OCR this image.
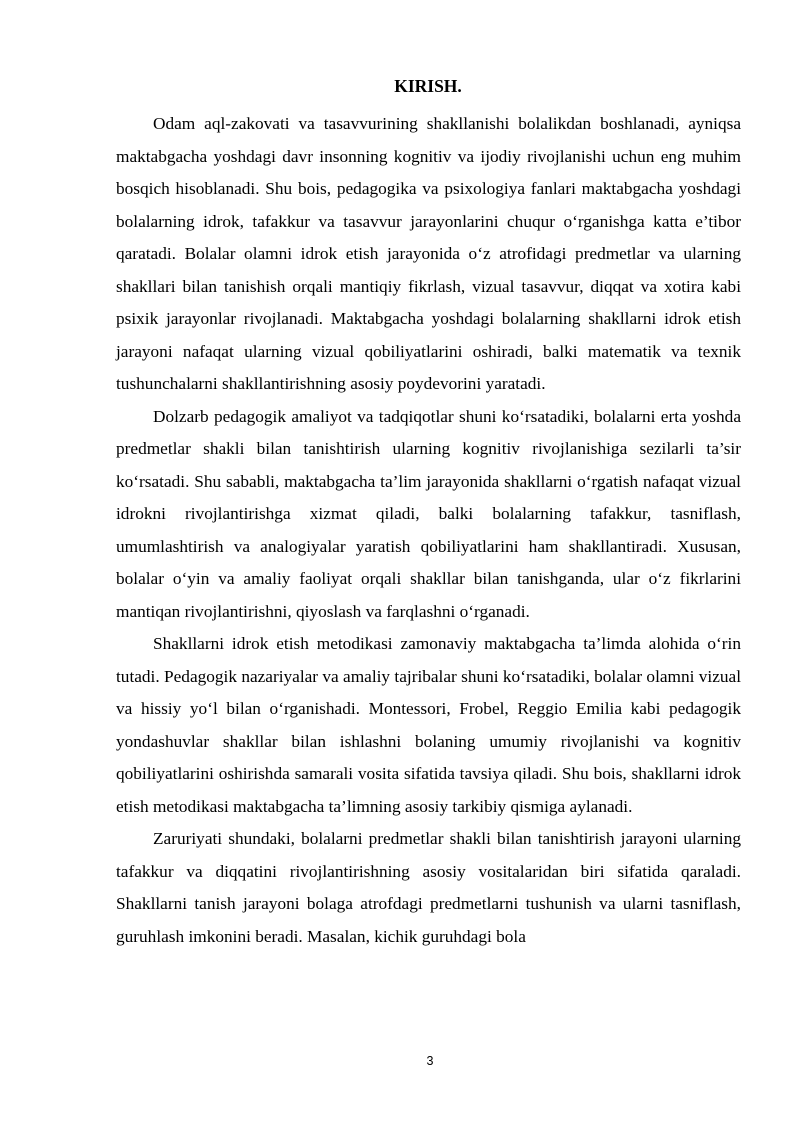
KIRISH.

Odam aql-zakovati va tasavvurining shakllanishi bolalikdan boshlanadi, ayniqsa maktabgacha yoshdagi davr insonning kognitiv va ijodiy rivojlanishi uchun eng muhim bosqich hisoblanadi. Shu bois, pedagogika va psixologiya fanlari maktabgacha yoshdagi bolalarning idrok, tafakkur va tasavvur jarayonlarini chuqur o‘rganishga katta e’tibor qaratadi. Bolalar olamni idrok etish jarayonida o‘z atrofidagi predmetlar va ularning shakllari bilan tanishish orqali mantiqiy fikrlash, vizual tasavvur, diqqat va xotira kabi psixik jarayonlar rivojlanadi. Maktabgacha yoshdagi bolalarning shakllarni idrok etish jarayoni nafaqat ularning vizual qobiliyatlarini oshiradi, balki matematik va texnik tushunchalarni shakllantirishning asosiy poydevorini yaratadi.

Dolzarb pedagogik amaliyot va tadqiqotlar shuni ko‘rsatadiki, bolalarni erta yoshda predmetlar shakli bilan tanishtirish ularning kognitiv rivojlanishiga sezilarli ta’sir ko‘rsatadi. Shu sababli, maktabgacha ta’lim jarayonida shakllarni o‘rgatish nafaqat vizual idrokni rivojlantirishga xizmat qiladi, balki bolalarning tafakkur, tasniflash, umumlashtirish va analogiyalar yaratish qobiliyatlarini ham shakllantiradi. Xususan, bolalar o‘yin va amaliy faoliyat orqali shakllar bilan tanishganda, ular o‘z fikrlarini mantiqan rivojlantirishni, qiyoslash va farqlashni o‘rganadi.

Shakllarni idrok etish metodikasi zamonaviy maktabgacha ta’limda alohida o‘rin tutadi. Pedagogik nazariyalar va amaliy tajribalar shuni ko‘rsatadiki, bolalar olamni vizual va hissiy yo‘l bilan o‘rganishadi. Montessori, Frobel, Reggio Emilia kabi pedagogik yondashuvlar shakllar bilan ishlashni bolaning umumiy rivojlanishi va kognitiv qobiliyatlarini oshirishda samarali vosita sifatida tavsiya qiladi. Shu bois, shakllarni idrok etish metodikasi maktabgacha ta’limning asosiy tarkibiy qismiga aylanadi.

Zaruriyati shundaki, bolalarni predmetlar shakli bilan tanishtirish jarayoni ularning tafakkur va diqqatini rivojlantirishning asosiy vositalaridan biri sifatida qaraladi. Shakllarni tanish jarayoni bolaga atrofdagi predmetlarni tushunish va ularni tasniflash, guruhlash imkonini beradi. Masalan, kichik guruhdagi bola

3
